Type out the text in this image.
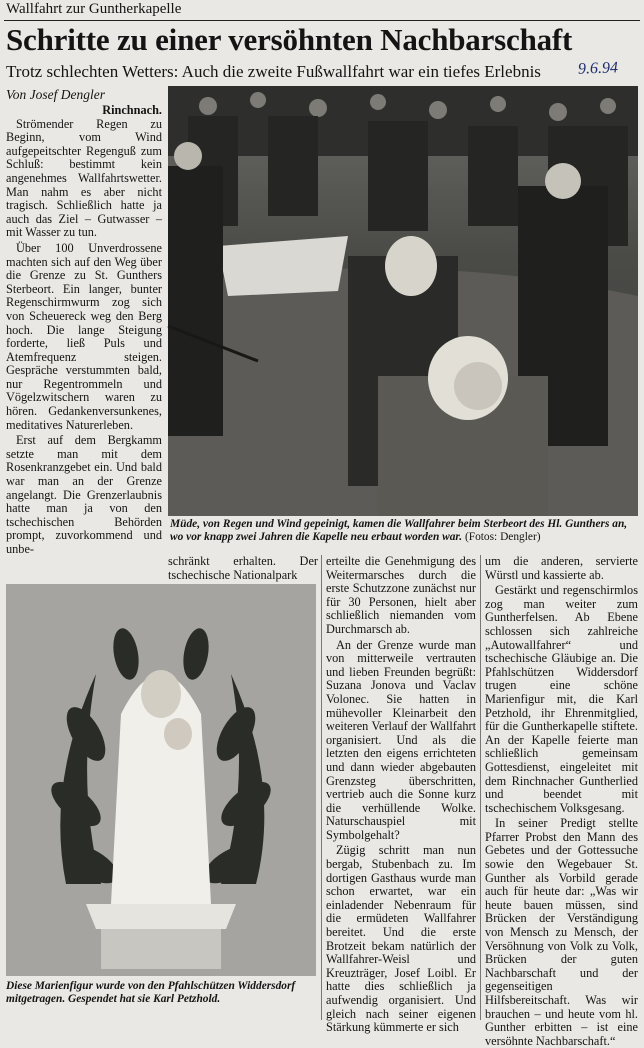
Wallfahrt zur Guntherkapelle
Schritte zu einer versöhnten Nachbarschaft
Trotz schlechten Wetters: Auch die zweite Fußwallfahrt war ein tiefes Erlebnis 9.6.94
Von Josef Dengler
Rinchnach.

Strömender Regen zu Beginn, vom Wind aufgepeitschter Regenguß zum Schluß: bestimmt kein angenehmes Wallfahrtswetter. Man nahm es aber nicht tragisch. Schließlich hatte ja auch das Ziel – Gutwasser – mit Wasser zu tun.

Über 100 Unverdrossene machten sich auf den Weg über die Grenze zu St. Gunthers Sterbeort. Ein langer, bunter Regenschirmwurm zog sich von Scheuereck weg den Berg hoch. Die lange Steigung forderte, ließ Puls und Atemfrequenz steigen. Gespräche verstummten bald, nur Regentrommeln und Vögelzwitschern waren zu hören. Gedankenversunkenes, meditatives Naturerleben.

Erst auf dem Bergkamm setzte man mit dem Rosenkranzgebet ein. Und bald war man an der Grenze angelangt. Die Grenzerlaubnis hatte man ja von den tschechischen Behörden prompt, zuvorkommend und unbe-

Müde, von Regen und Wind gepeinigt, kamen die Wallfahrer beim Sterbeort des Hl. Gunthers an, wo vor knapp zwei Jahren die Kapelle neu erbaut worden war. (Fotos: Dengler)

schränkt erhalten. Der tschechische Nationalpark

Diese Marienfigur wurde von den Pfahlschützen Widdersdorf mitgetragen. Gespendet hat sie Karl Petzhold.

erteilte die Genehmigung des Weitermarsches durch die erste Schutzzone zunächst nur für 30 Personen, hielt aber schließlich niemanden vom Durchmarsch ab.

An der Grenze wurde man von mitterweile vertrauten und lieben Freunden begrüßt: Suzana Jonova und Vaclav Volonec. Sie hatten in mühevoller Kleinarbeit den weiteren Verlauf der Wallfahrt organisiert. Und als die letzten den eigens errichteten und dann wieder abgebauten Grenzsteg überschritten, vertrieb auch die Sonne kurz die verhüllende Wolke. Naturschauspiel mit Symbolgehalt?

Zügig schritt man nun bergab, Stubenbach zu. Im dortigen Gasthaus wurde man schon erwartet, war ein einladender Nebenraum für die ermüdeten Wallfahrer bereitet. Und die erste Brotzeit bekam natürlich der Wallfahrer-Weisl und Kreuzträger, Josef Loibl. Er hatte dies schließlich ja aufwendig organisiert. Und gleich nach seiner eigenen Stärkung kümmerte er sich

um die anderen, servierte Würstl und kassierte ab.

Gestärkt und regenschirmlos zog man weiter zum Guntherfelsen. Ab Ebene schlossen sich zahlreiche „Autowallfahrer“ und tschechische Gläubige an. Die Pfahlschützen Widdersdorf trugen eine schöne Marienfigur mit, die Karl Petzhold, ihr Ehrenmitglied, für die Guntherkapelle stiftete. An der Kapelle feierte man schließlich gemeinsam Gottesdienst, eingeleitet mit dem Rinchnacher Guntherlied und beendet mit tschechischem Volksgesang.

In seiner Predigt stellte Pfarrer Probst den Mann des Gebetes und der Gottessuche sowie den Wegebauer St. Gunther als Vorbild gerade auch für heute dar: „Was wir heute bauen müssen, sind Brücken der Verständigung von Mensch zu Mensch, der Versöhnung von Volk zu Volk, Brücken der guten Nachbarschaft und der gegenseitigen Hilfsbereitschaft. Was wir brauchen – und heute vom hl. Gunther erbitten – ist eine versöhnte Nachbarschaft.“
